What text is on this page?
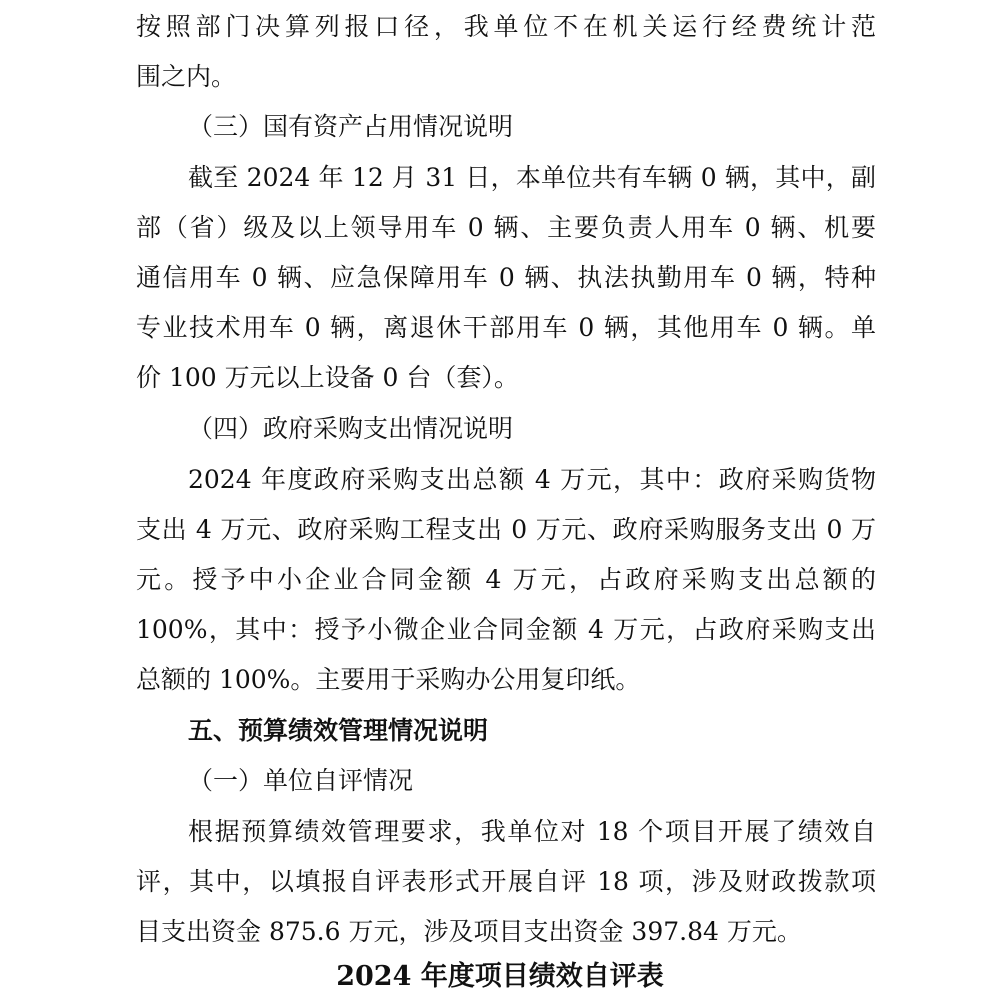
按照部门决算列报口径，我单位不在机关运行经费统计范
围之内。
（三）国有资产占用情况说明
截至 2024 年 12 月 31 日，本单位共有车辆 0 辆，其中，副
部（省）级及以上领导用车 0 辆、主要负责人用车 0 辆、机要
通信用车 0 辆、应急保障用车 0 辆、执法执勤用车 0 辆，特种
专业技术用车 0 辆，离退休干部用车 0 辆，其他用车 0 辆。单
价 100 万元以上设备 0 台（套）。
（四）政府采购支出情况说明
2024 年度政府采购支出总额 4 万元，其中：政府采购货物
支出 4 万元、政府采购工程支出 0 万元、政府采购服务支出 0 万
元。授予中小企业合同金额 4 万元，占政府采购支出总额的
100%，其中：授予小微企业合同金额 4 万元，占政府采购支出
总额的 100%。主要用于采购办公用复印纸。
五、预算绩效管理情况说明
（一）单位自评情况
根据预算绩效管理要求，我单位对 18 个项目开展了绩效自
评，其中，以填报自评表形式开展自评 18 项，涉及财政拨款项
目支出资金 875.6 万元，涉及项目支出资金 397.84 万元。
2024 年度项目绩效自评表
